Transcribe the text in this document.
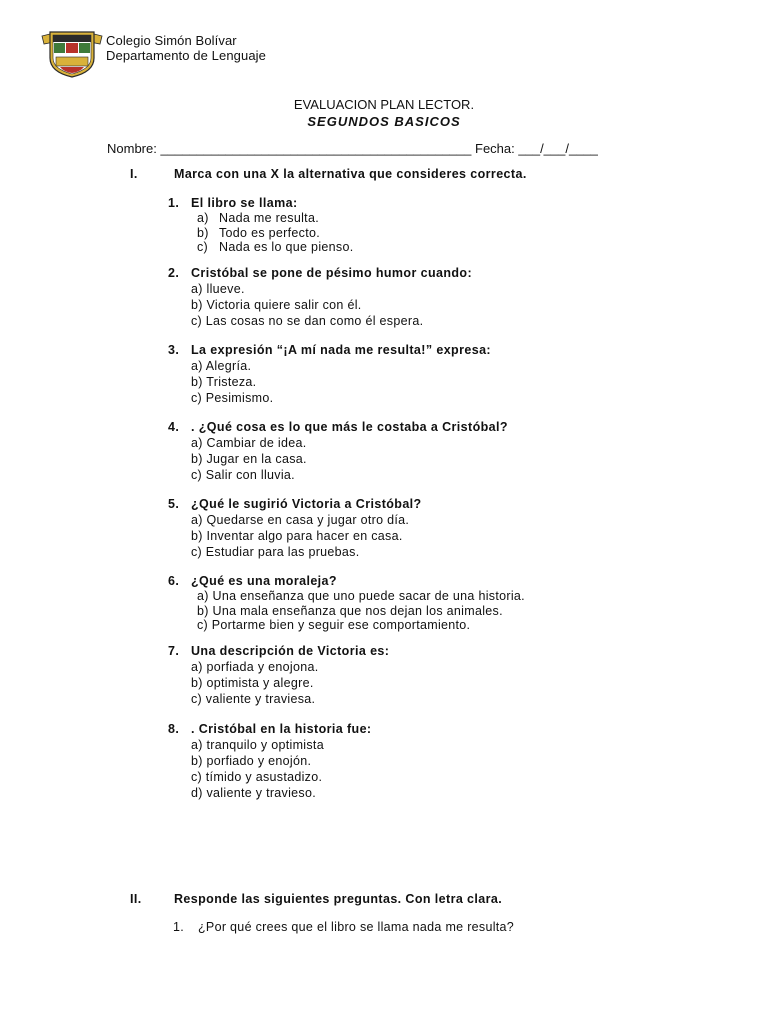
Colegio Simón Bolívar
Departamento de Lenguaje
EVALUACION PLAN LECTOR.
SEGUNDOS BASICOS
Nombre: ___________________________________________ Fecha: ___/___/____
I.	Marca con una X la alternativa que consideres correcta.
1. El libro se llama:
a) Nada me resulta.
b) Todo es perfecto.
c) Nada es lo que pienso.
2. Cristóbal se pone de pésimo humor cuando:
a) llueve.
b) Victoria quiere salir con él.
c) Las cosas no se dan como él espera.
3. La expresión “¡A mí nada me resulta!” expresa:
a) Alegría.
b) Tristeza.
c) Pesimismo.
4. . ¿Qué cosa es lo que más le costaba a Cristóbal?
a) Cambiar de idea.
b) Jugar en la casa.
c) Salir con lluvia.
5. ¿Qué le sugirió Victoria a Cristóbal?
a) Quedarse en casa y jugar otro día.
b) Inventar algo para hacer en casa.
c) Estudiar para las pruebas.
6. ¿Qué es una moraleja?
a) Una enseñanza que uno puede sacar de una historia.
b) Una mala enseñanza que nos dejan los animales.
c) Portarme bien y seguir ese comportamiento.
7. Una descripción de Victoria es:
a) porfiada y enojona.
b) optimista y alegre.
c) valiente y traviesa.
8. . Cristóbal en la historia fue:
a) tranquilo y optimista
b) porfiado y enojón.
c) tímido y asustadizo.
d) valiente y travieso.
II.	Responde las siguientes preguntas. Con letra clara.
1. ¿Por qué crees que el libro se llama nada me resulta?
